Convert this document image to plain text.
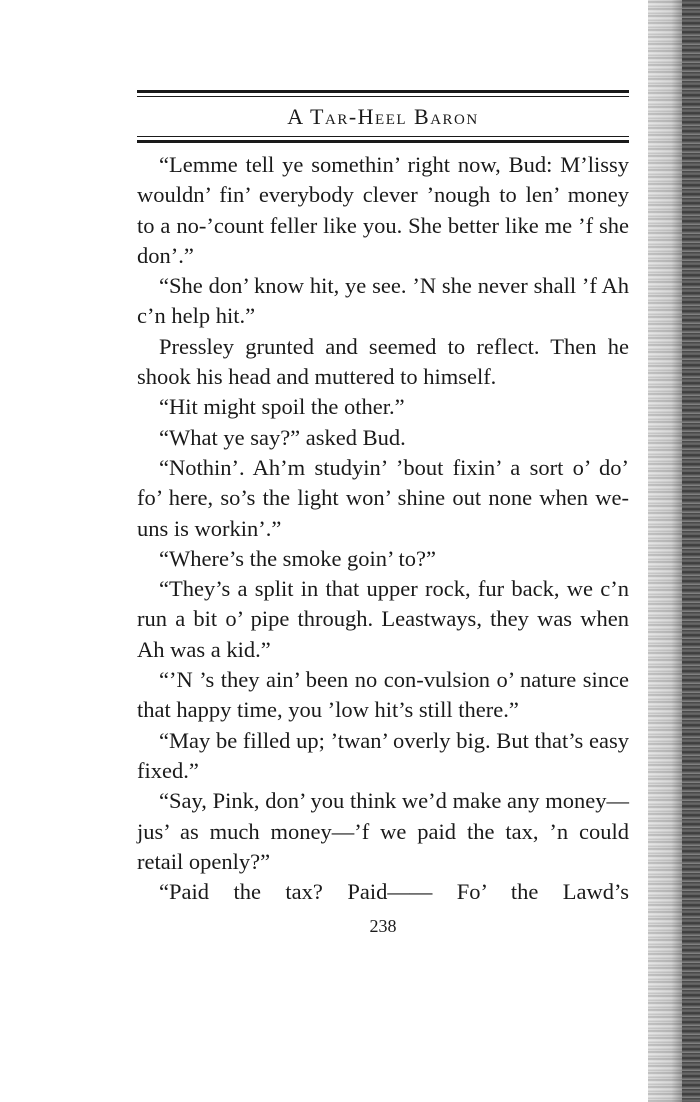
A Tar-Heel Baron

“Lemme tell ye somethin’ right now, Bud: M’lissy wouldn’ fin’ everybody clever ’nough to len’ money to a no-’count feller like you. She better like me ’f she don’.”

“She don’ know hit, ye see. ’N she never shall ’f Ah c’n help hit.”

Pressley grunted and seemed to reflect. Then he shook his head and muttered to himself.

“Hit might spoil the other.”

“What ye say?” asked Bud.

“Nothin’. Ah’m studyin’ ’bout fixin’ a sort o’ do’ fo’ here, so’s the light won’ shine out none when we-uns is workin’.”

“Where’s the smoke goin’ to?”

“They’s a split in that upper rock, fur back, we c’n run a bit o’ pipe through. Leastways, they was when Ah was a kid.”

“’N ’s they ain’ been no con-vulsion o’ nature since that happy time, you ’low hit’s still there.”

“May be filled up; ’twan’ overly big. But that’s easy fixed.”

“Say, Pink, don’ you think we’d make any money—jus’ as much money—’f we paid the tax, ’n could retail openly?”

“Paid the tax? Paid—— Fo’ the Lawd’s

238
